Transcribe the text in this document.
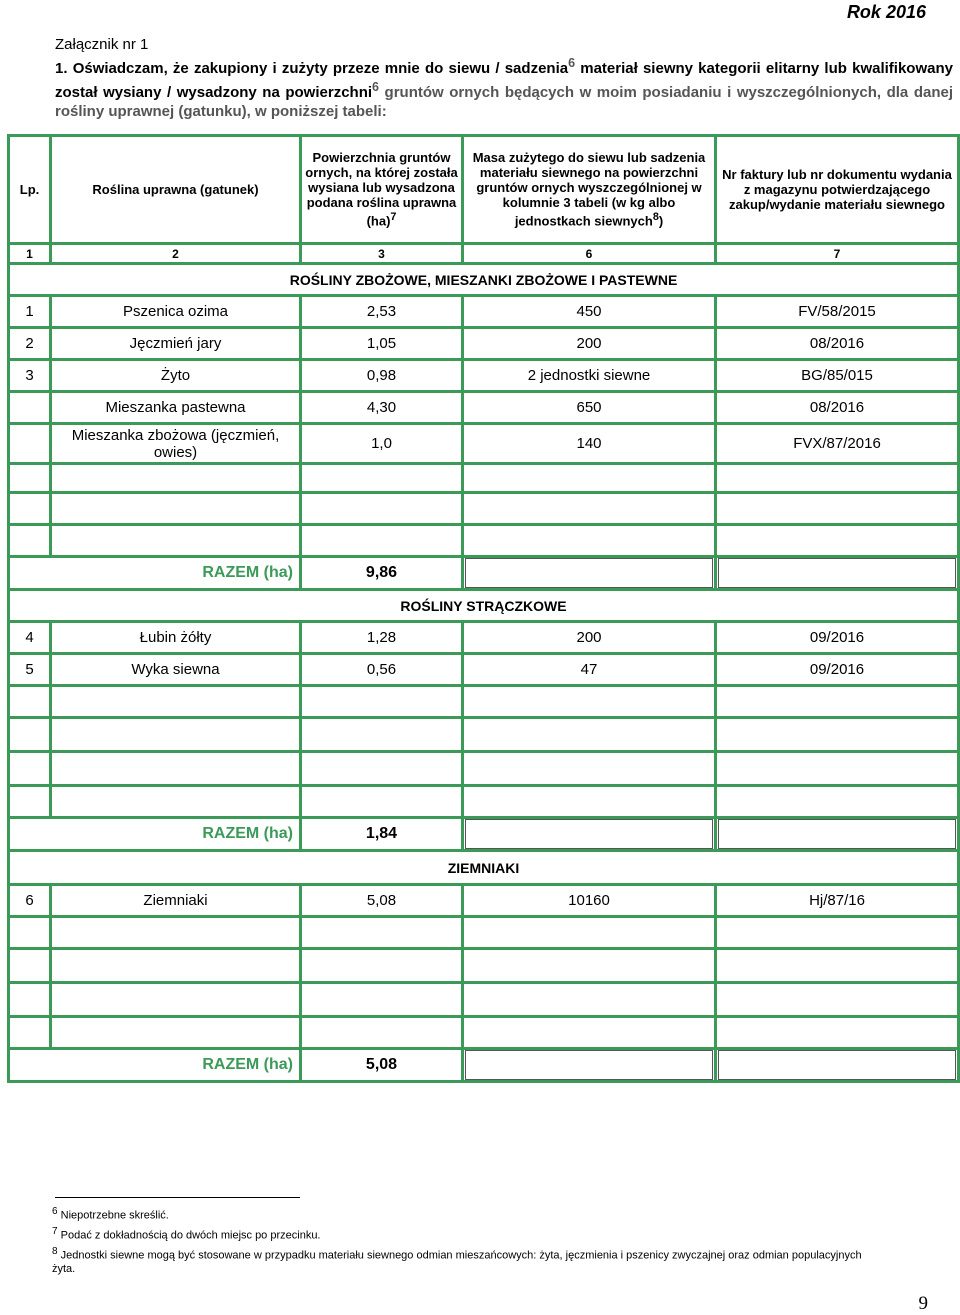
Rok 2016
Załącznik nr 1
1. Oświadczam, że zakupiony i zużyty przeze mnie do siewu / sadzenia$^6$ materiał siewny kategorii elitarny lub kwalifikowany został wysiany / wysadzony na powierzchni$^6$ gruntów ornych będących w moim posiadaniu i wyszczególnionych, dla danej rośliny uprawnej (gatunku), w poniższej tabeli:
Lp.	Roślina uprawna (gatunek)	Powierzchnia gruntów ornych, na której została wysiana lub wysadzona podana roślina uprawna (ha)$^7$	Masa zużytego do siewu lub sadzenia materiału siewnego na powierzchni gruntów ornych wyszczególnionej w kolumnie 3 tabeli (w kg albo jednostkach siewnych$^8$)	Nr faktury lub nr dokumentu wydania z magazynu potwierdzającego zakup/wydanie materiału siewnego
1	2	3	6	7
ROŚLINY ZBOŻOWE, MIESZANKI ZBOŻOWE I PASTEWNE				
1	Pszenica ozima	2,53	450	FV/58/2015
2	Jęczmień jary	1,05	200	08/2016
3	Żyto	0,98	2 jednostki siewne	BG/85/015
	Mieszanka pastewna	4,30	650	08/2016
	Mieszanka zbożowa (jęczmień, owies)	1,0	140	FVX/87/2016

RAZEM (ha)		9,86	

ROŚLINY STRĄCZKOWE				
4	Łubin żółty	1,28	200	09/2016
5	Wyka siewna	0,56	47	09/2016

RAZEM (ha)		1,84	

ZIEMNIAKI				
6	Ziemniaki	5,08	10160	Hj/87/16

RAZEM (ha)		5,08	

$^6$ Niepotrzebne skreślić.
$^7$ Podać z dokładnością do dwóch miejsc po przecinku.
$^8$ Jednostki siewne mogą być stosowane w przypadku materiału siewnego odmian mieszańcowych: żyta, jęczmienia i pszenicy zwyczajnej oraz odmian populacyjnych żyta.
9
